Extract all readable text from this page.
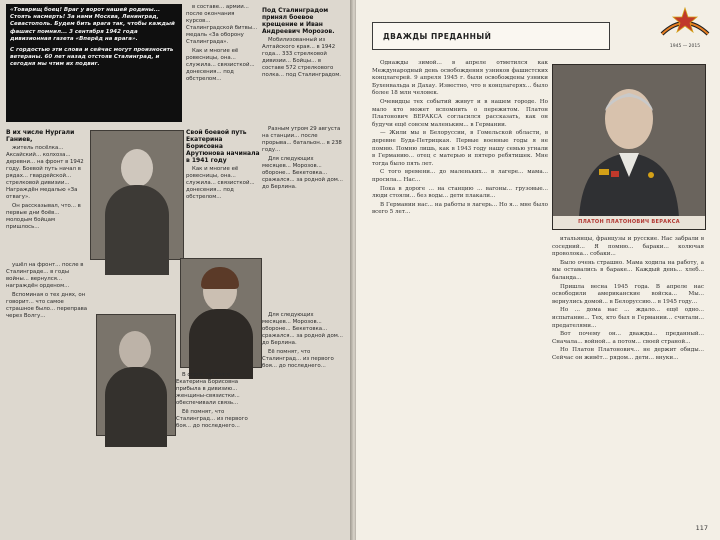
«Товарищ боец! Враг у ворот нашей родины... Стоять насмерть! За нами Москва, Ленинград, Севастополь. Будем бить врага так, чтобы каждый фашист помнил... 3 сентября 1942 года дивизионная газета «Вперёд на врага».
С гордостью эти слова и сейчас могут произносить ветераны. 60 лет назад отстояв Сталинград, и сегодня мы чтим их подвиг.

в составе... армии... после окончания курсов... Сталинградской битвы... медаль «За оборону Сталинграда».

Как и многие её ровесницы, она... служила... связисткой... донесения... под обстрелом...

Под Сталинградом принял боевое крещение и Иван Андреевич Морозов.

Мобилизованный из Алтайского края... в 1942 года... 333 стрелковой дивизии... Бойцы... в составе 572 стрелкового полка... под Сталинградом.

В их числе Нургали Ганиев,

житель посёлка... Аксайский... колхоза... деревни... на фронт в 1942 году. Боевой путь начал в рядах... гвардейской... стрелковой дивизии... Награждён медалью «За отвагу».

Он рассказывал, что... в первые дни боёв... молодым бойцам пришлось...

Свой боевой путь Екатерина Борисовна Арутюнова начинала в 1941 году

Как и многие её ровесницы, она... служила... связисткой... донесения... под обстрелом...

Разным утром 29 августа на станции... после прорыва... батальон... в 238 году...

Для следующих месяцев... Морозов... обороне... Бекетовка... сражался... за родной дом... до Берлина.

ушёл на фронт... после в Сталинграде... в годы войны... вернулся... награждён орденом...

Вспоминая о тех днях, он говорит... что самое страшное было... переправа через Волгу...

В сорок на Волге Екатерина Борисовна прибыла в дивизию... женщины-связистки... обеспечивали связь...

Её помнят, что Сталинград... из первого боя... до последнего...

Для следующих месяцев... Морозов... обороне... Бекетовка... сражался... за родной дом... до Берлина.

Её помнят, что Сталинград... из первого боя... до последнего...

ДВАЖДЫ ПРЕДАННЫЙ
1945 — 2015

Однажды зимой... в апреле отметился как Международный день освобождения узников фашистских концлагерей. 9 апреля 1945 г. были освобождены узники Бухенвальда и Дахау. Известно, что в концлагерях... было более 18 млн человек.

Очевидцы тех событий живут и в нашем городе. Но мало кто может вспомнить о пережитом. Платон Платонович ВЕРАКСА согласился рассказать, как он будучи ещё совсем маленьким... в Германии.

— Жили мы в Белоруссии, в Гомельской области, в деревне Буда-Петрицкая. Первые военные годы я не помню. Помню лишь, как в 1943 году нашу семью угнали в Германию... отец с матерью и пятеро ребятишек. Мне тогда было пять лет.

С того времени... до маленьких... в лагере... мама... просила... Нас...

Пока в дороге ... на станцию ... вагоны... грузовые... люди стояли... без воды... дети плакали...

В Германии нас... на работы в лагерь... Но я... мне было всего 5 лет...

ПЛАТОН ПЛАТОНОВИЧ ВЕРАКСА

итальянцы, французы и русские. Нас забрали в соседний... Я помню... бараки... колючая проволока... собаки...

Было очень страшно. Мама ходила на работу, а мы оставались в бараке... Каждый день... хлеб... баланда...

Пришла весна 1945 года. В апреле нас освободили американские войска... Мы... вернулись домой... в Белоруссию... в 1945 году...

Но ... дома нас ... ждало... ещё одно... испытание... Тех, кто был в Германии... считали... предателями...

Вот почему он... дважды... преданный... Сначала... войной... а потом... своей страной...

Но Платон Платонович... не держит обиды... Сейчас он живёт... рядом... дети... внуки...

117
